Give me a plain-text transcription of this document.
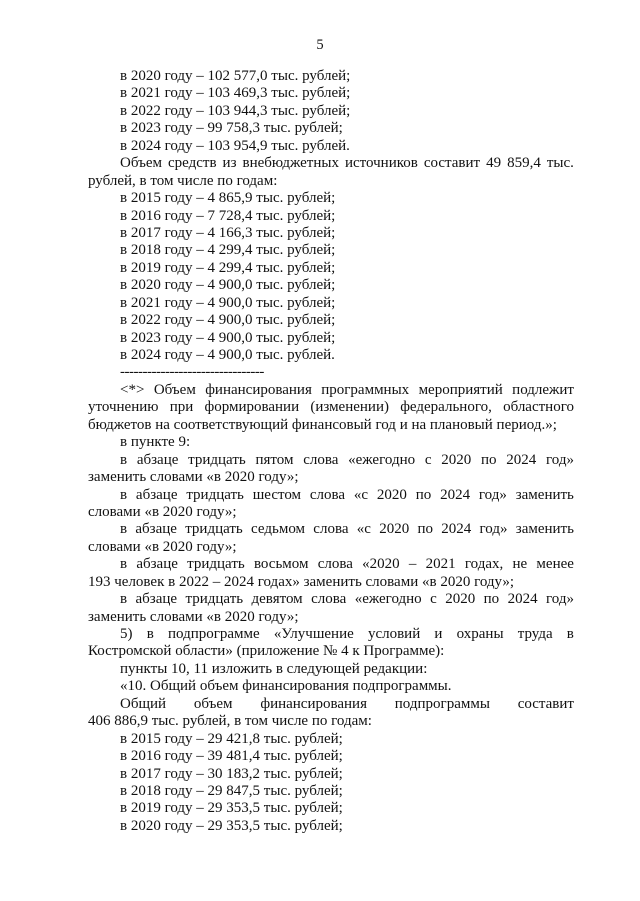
5
в 2020 году – 102 577,0 тыс. рублей;
в 2021 году – 103 469,3 тыс. рублей;
в 2022 году – 103 944,3 тыс. рублей;
в 2023 году – 99 758,3 тыс. рублей;
в 2024 году – 103 954,9 тыс. рублей.
Объем средств из внебюджетных источников составит 49 859,4 тыс.
рублей, в том числе по годам:
в 2015 году – 4 865,9 тыс. рублей;
в 2016 году – 7 728,4 тыс. рублей;
в 2017 году – 4 166,3 тыс. рублей;
в 2018 году – 4 299,4 тыс. рублей;
в 2019 году – 4 299,4 тыс. рублей;
в 2020 году – 4 900,0 тыс. рублей;
в 2021 году – 4 900,0 тыс. рублей;
в 2022 году – 4 900,0 тыс. рублей;
в 2023 году – 4 900,0 тыс. рублей;
в 2024 году – 4 900,0 тыс. рублей.
--------------------------------
<*> Объем финансирования программных мероприятий подлежит
уточнению при формировании (изменении) федерального, областного
бюджетов на соответствующий финансовый год и на плановый период.»;
в пункте 9:
в абзаце тридцать пятом слова «ежегодно с 2020 по 2024 год»
заменить словами «в 2020 году»;
в абзаце тридцать шестом слова «с 2020 по 2024 год» заменить
словами «в 2020 году»;
в абзаце тридцать седьмом слова «с 2020 по 2024 год» заменить
словами «в 2020 году»;
в абзаце тридцать восьмом слова «2020 – 2021 годах, не менее
193 человек в 2022 – 2024 годах» заменить словами «в 2020 году»;
в абзаце тридцать девятом слова «ежегодно с 2020 по 2024 год»
заменить словами «в 2020 году»;
5) в подпрограмме «Улучшение условий и охраны труда в
Костромской области» (приложение № 4 к Программе):
пункты 10, 11 изложить в следующей редакции:
«10. Общий объем финансирования подпрограммы.
Общий объем финансирования подпрограммы составит
406 886,9 тыс. рублей, в том числе по годам:
в 2015 году – 29 421,8 тыс. рублей;
в 2016 году – 39 481,4 тыс. рублей;
в 2017 году – 30 183,2 тыс. рублей;
в 2018 году – 29 847,5 тыс. рублей;
в 2019 году – 29 353,5 тыс. рублей;
в 2020 году – 29 353,5 тыс. рублей;
